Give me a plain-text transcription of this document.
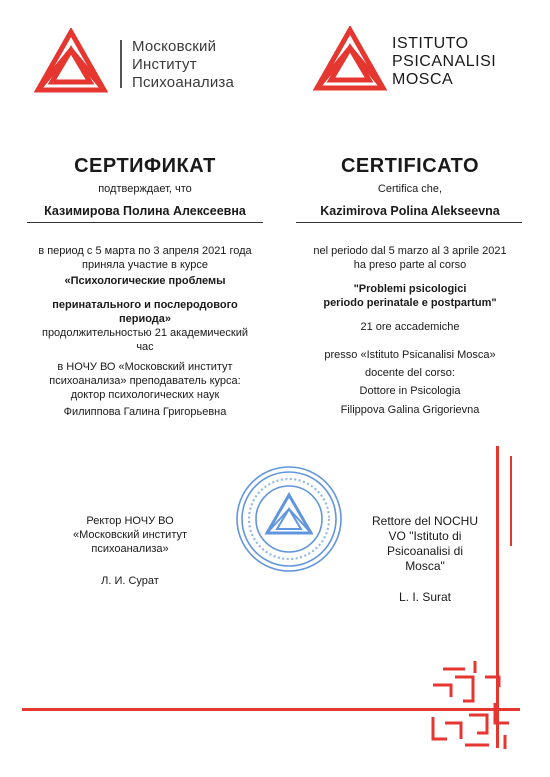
Московский
Институт
Психоанализа
ISTITUTO
PSICANALISI
MOSCA
СЕРТИФИКАТ
подтверждает, что
Казимирова Полина Алексеевна
в период с 5 марта по 3 апреля 2021 года
приняла участие в курсе
«Психологические проблемы
перинатального и послеродового
периода»
продолжительностью 21 академический
час
в НОЧУ ВО «Московский институт
психоанализа» преподаватель курса:
доктор психологических наук
Филиппова Галина Григорьевна
CERTIFICATO
Certifica che,
Kazimirova Polina Alekseevna
nel periodo dal 5 marzo al 3 aprile 2021
ha preso parte al corso
"Problemi psicologici
periodo perinatale e postpartum"
21 ore accademiche
presso «Istituto Psicanalisi Mosca»
docente del corso:
Dottore in Psicologia
Filippova Galina Grigorievna
Ректор НОЧУ ВО
«Московский институт
психоанализа»
Л. И. Сурат
Rettore del NOCHU
VO "Istituto di
Psicoanalisi di
Mosca"
L. I. Surat
